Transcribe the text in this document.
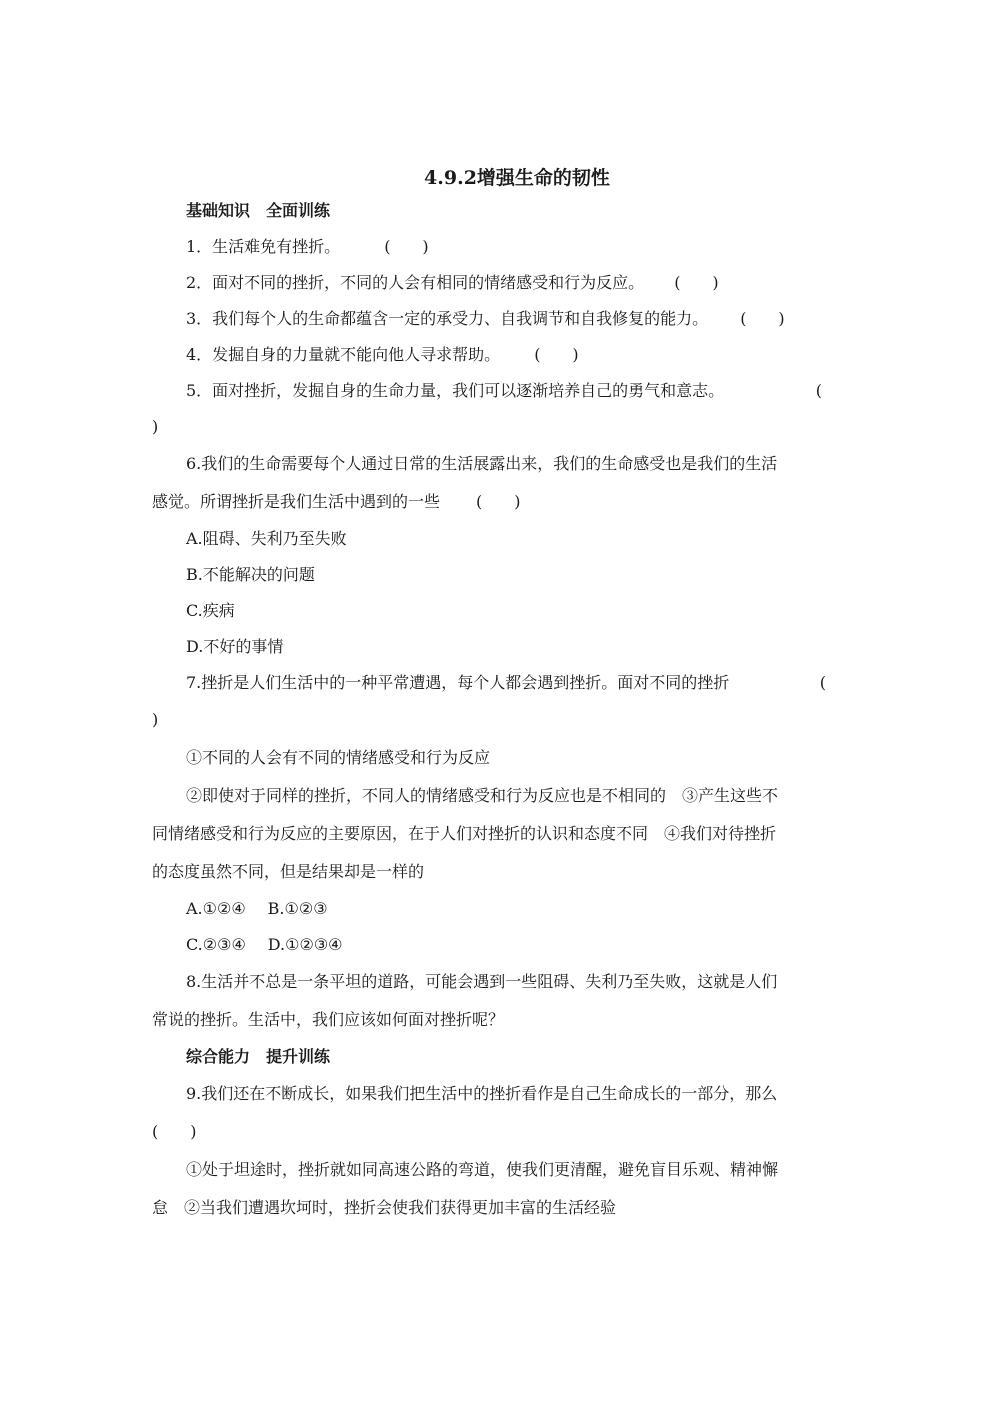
4.9.2增强生命的韧性
基础知识　全面训练
1．生活难免有挫折。	(　　)
2．面对不同的挫折，不同的人会有相同的情绪感受和行为反应。 (　　)
3．我们每个人的生命都蕴含一定的承受力、自我调节和自我修复的能力。 (　　)
4．发掘自身的力量就不能向他人寻求帮助。 (　　)
5．面对挫折，发掘自身的生命力量，我们可以逐渐培养自己的勇气和意志。	(
)
6.我们的生命需要每个人通过日常的生活展露出来，我们的生命感受也是我们的生活
感觉。所谓挫折是我们生活中遇到的一些 (　　)
A.阻碍、失利乃至失败
B.不能解决的问题
C.疾病
D.不好的事情
7.挫折是人们生活中的一种平常遭遇，每个人都会遇到挫折。面对不同的挫折	(
)
①不同的人会有不同的情绪感受和行为反应
②即使对于同样的挫折，不同人的情绪感受和行为反应也是不相同的　③产生这些不
同情绪感受和行为反应的主要原因，在于人们对挫折的认识和态度不同　④我们对待挫折
的态度虽然不同，但是结果却是一样的
A.①②④ B.①②③
C.②③④ D.①②③④
8.生活并不总是一条平坦的道路，可能会遇到一些阻碍、失利乃至失败，这就是人们
常说的挫折。生活中，我们应该如何面对挫折呢？
综合能力　提升训练
9.我们还在不断成长，如果我们把生活中的挫折看作是自己生命成长的一部分，那么
(　　)
①处于坦途时，挫折就如同高速公路的弯道，使我们更清醒，避免盲目乐观、精神懈
怠　②当我们遭遇坎坷时，挫折会使我们获得更加丰富的生活经验
